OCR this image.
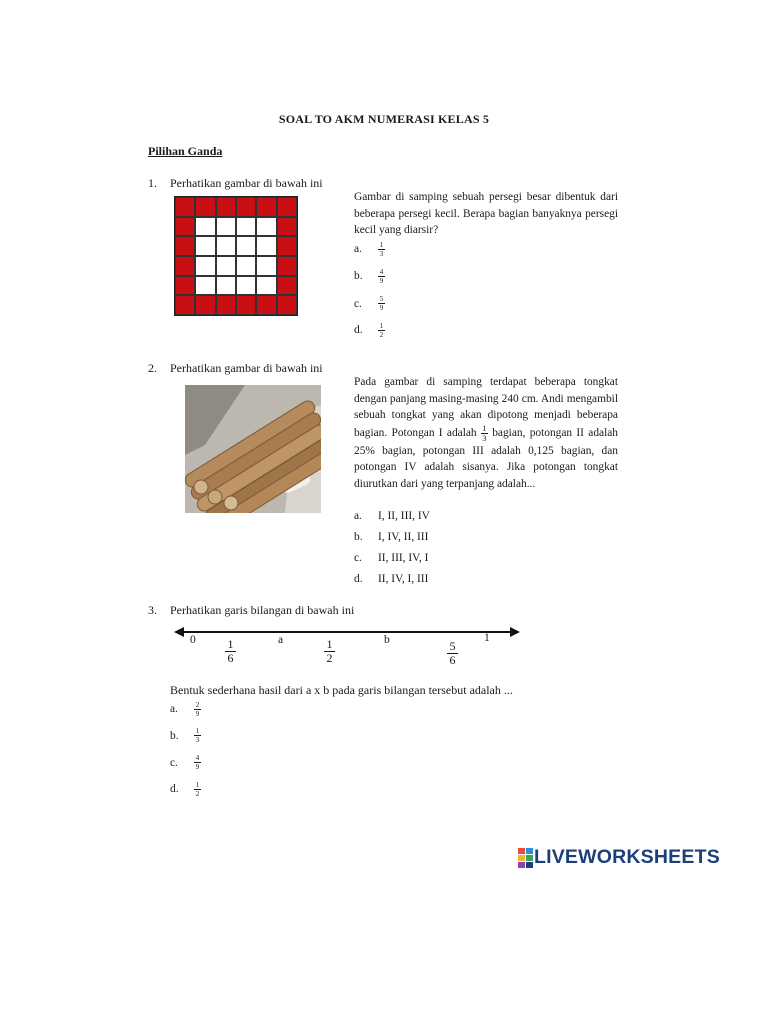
SOAL TO AKM NUMERASI KELAS 5
Pilihan Ganda
1. Perhatikan gambar di bawah ini
Gambar di samping sebuah persegi besar dibentuk dari beberapa persegi kecil. Berapa bagian banyaknya persegi kecil yang diarsir?
a.	$\frac{1}{3}$
b.	$\frac{4}{9}$
c.	$\frac{5}{9}$
d.	$\frac{1}{2}$
2. Perhatikan gambar di bawah ini
Pada gambar di samping terdapat beberapa tongkat dengan panjang masing-masing 240 cm. Andi mengambil sebuah tongkat yang akan dipotong menjadi beberapa bagian. Potongan I adalah $\frac{1}{3}$ bagian, potongan II adalah 25% bagian, potongan III adalah 0,125 bagian, dan potongan IV adalah sisanya. Jika potongan tongkat diurutkan dari yang terpanjang adalah...
a.	I, II, III, IV
b.	I, IV, II, III
c.	II, III, IV, I
d.	II, IV, I, III
3. Perhatikan garis bilangan di bawah ini
$0 \frac{1}{6}$	a	$\frac{1}{2}$	b	$\frac{5}{6}$
1
Bentuk sederhana hasil dari a x b pada garis bilangan tersebut adalah ...
a.	$\frac{2}{9}$
b.	$\frac{1}{3}$
c.	$\frac{4}{9}$
d.	$\frac{1}{2}$
LIVEWORKSHEETS
